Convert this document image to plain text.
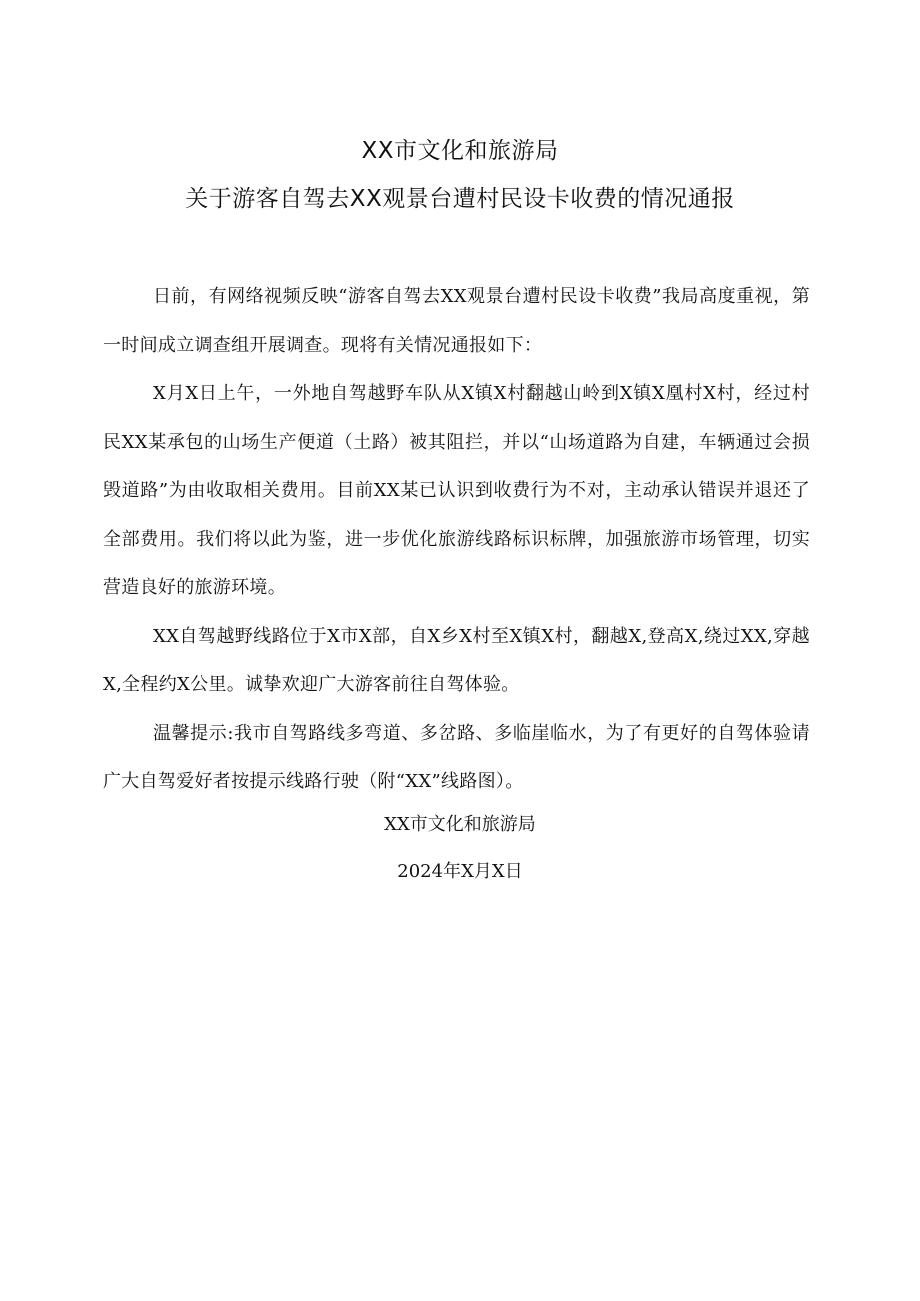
XX市文化和旅游局
关于游客自驾去XX观景台遭村民设卡收费的情况通报

日前，有网络视频反映“游客自驾去XX观景台遭村民设卡收费”我局高度重视，第一时间成立调查组开展调查。现将有关情况通报如下：

X月X日上午，一外地自驾越野车队从X镇X村翻越山岭到X镇X凰村X村，经过村民XX某承包的山场生产便道（土路）被其阻拦，并以“山场道路为自建，车辆通过会损毁道路”为由收取相关费用。目前XX某已认识到收费行为不对，主动承认错误并退还了全部费用。我们将以此为鉴，进一步优化旅游线路标识标牌，加强旅游市场管理，切实营造良好的旅游环境。

XX自驾越野线路位于X市X部，自X乡X村至X镇X村，翻越X,登高X,绕过XX,穿越X,全程约X公里。诚挚欢迎广大游客前往自驾体验。

温馨提示:我市自驾路线多弯道、多岔路、多临崖临水，为了有更好的自驾体验请广大自驾爱好者按提示线路行驶（附“XX”线路图）。

XX市文化和旅游局
2024年X月X日
